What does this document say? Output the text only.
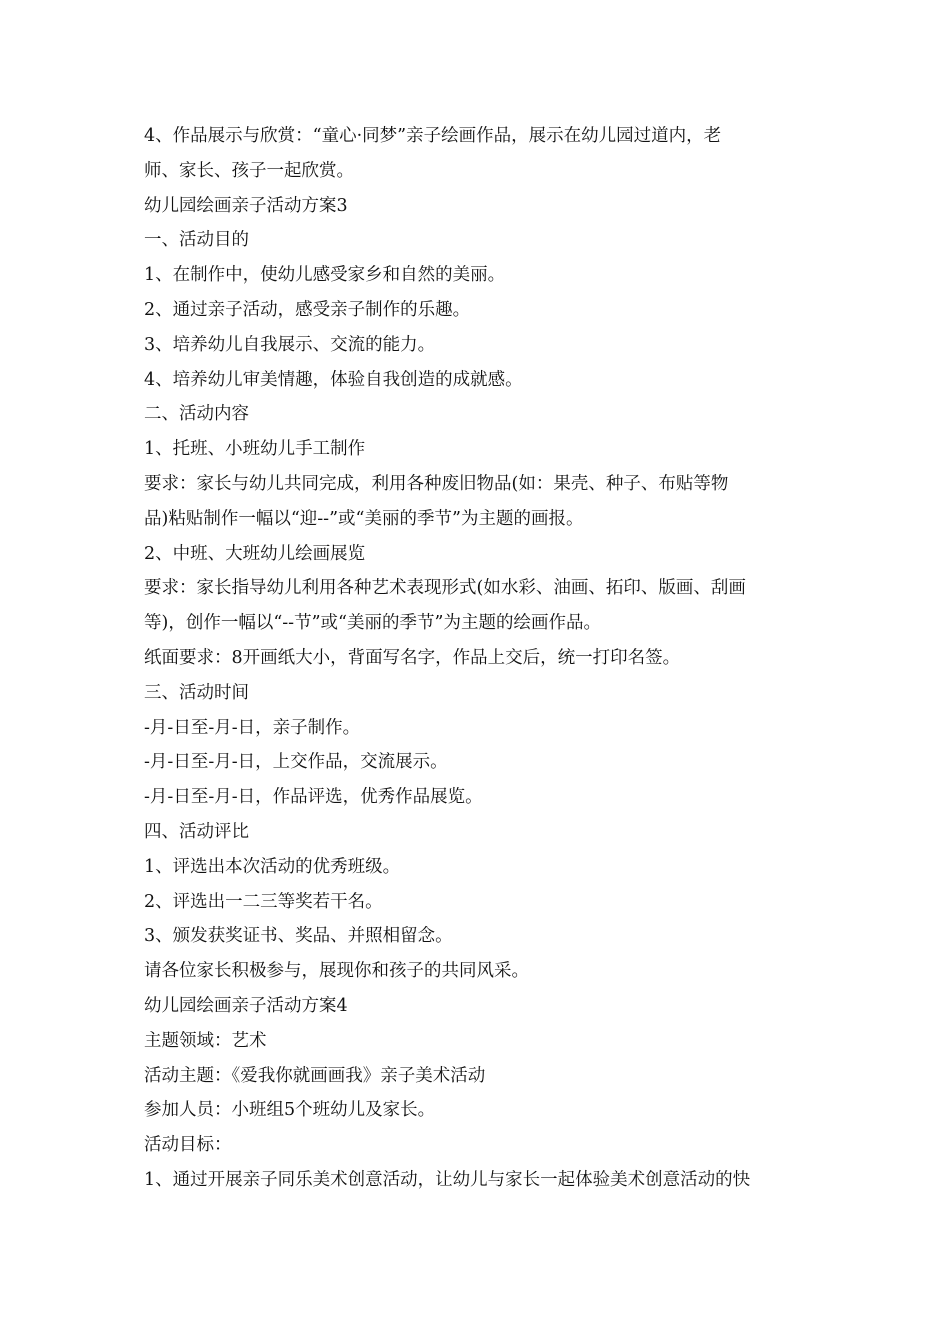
4、作品展示与欣赏：“童心·同梦”亲子绘画作品，展示在幼儿园过道内，老
师、家长、孩子一起欣赏。
幼儿园绘画亲子活动方案3
一、活动目的
1、在制作中，使幼儿感受家乡和自然的美丽。
2、通过亲子活动，感受亲子制作的乐趣。
3、培养幼儿自我展示、交流的能力。
4、培养幼儿审美情趣，体验自我创造的成就感。
二、活动内容
1、托班、小班幼儿手工制作
要求：家长与幼儿共同完成，利用各种废旧物品(如：果壳、种子、布贴等物
品)粘贴制作一幅以“迎--”或“美丽的季节”为主题的画报。
2、中班、大班幼儿绘画展览
要求：家长指导幼儿利用各种艺术表现形式(如水彩、油画、拓印、版画、刮画
等)，创作一幅以“--节”或“美丽的季节”为主题的绘画作品。
纸面要求：8开画纸大小，背面写名字，作品上交后，统一打印名签。
三、活动时间
-月-日至-月-日，亲子制作。
-月-日至-月-日，上交作品，交流展示。
-月-日至-月-日，作品评选，优秀作品展览。
四、活动评比
1、评选出本次活动的优秀班级。
2、评选出一二三等奖若干名。
3、颁发获奖证书、奖品、并照相留念。
请各位家长积极参与，展现你和孩子的共同风采。
幼儿园绘画亲子活动方案4
主题领域：艺术
活动主题：《爱我你就画画我》亲子美术活动
参加人员：小班组5个班幼儿及家长。
活动目标：
1、通过开展亲子同乐美术创意活动，让幼儿与家长一起体验美术创意活动的快
